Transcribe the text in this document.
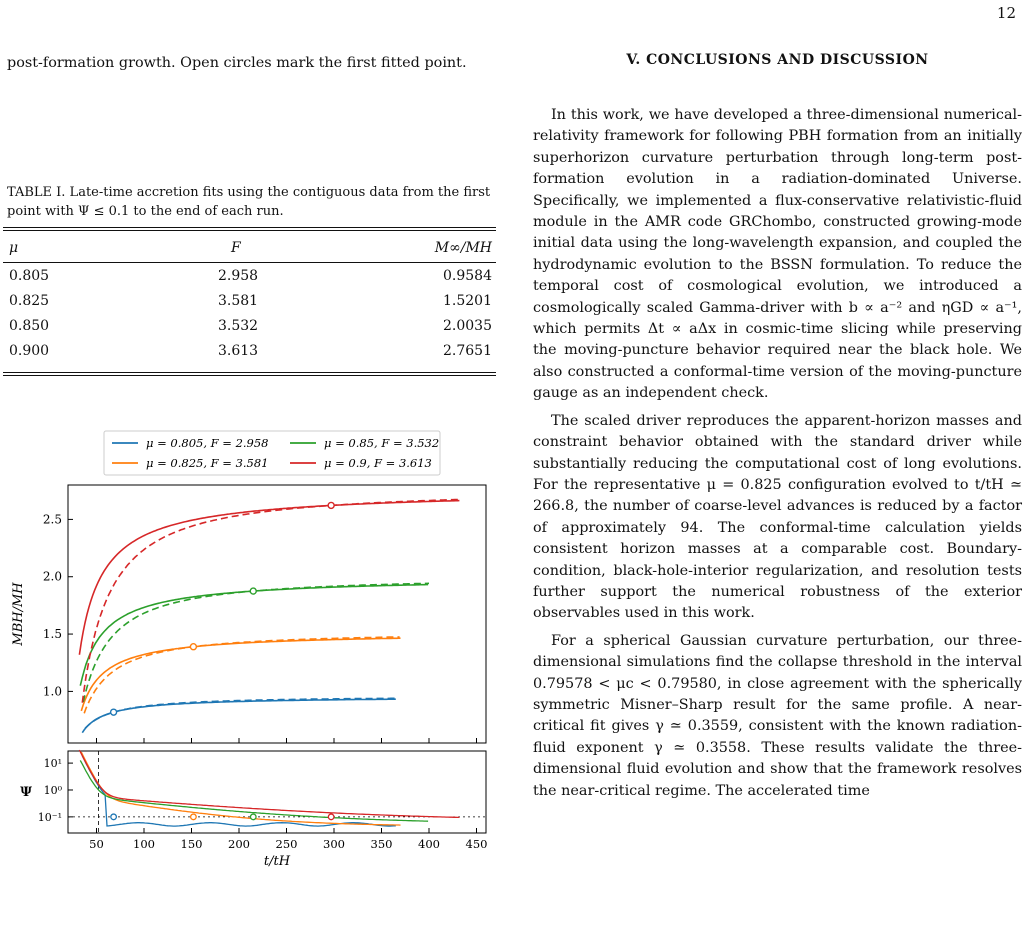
12

post-formation growth. Open circles mark the first fitted point.

TABLE I. Late-time accretion fits using the contiguous data from the first point with Ψ ≤ 0.1 to the end of each run.
μ	F	M∞/MH
0.805	2.958	0.9584
0.825	3.581	1.5201
0.850	3.532	2.0035
0.900	3.613	2.7651
μ = 0.805, F = 2.958
μ = 0.825, F = 3.581
μ = 0.85, F = 3.532
μ = 0.9, F = 3.613
1.0
1.5
2.0
2.5
MBH/MH
10⁻¹
10⁰
10¹
Ψ
50	100 150 200 250 300 350 400 450
t/tH
V. CONCLUSIONS AND DISCUSSION

In this work, we have developed a three-dimensional numerical-relativity framework for following PBH formation from an initially superhorizon curvature perturbation through long-term post-formation evolution in a radiation-dominated Universe. Specifically, we implemented a flux-conservative relativistic-fluid module in the AMR code GRChombo, constructed growing-mode initial data using the long-wavelength expansion, and coupled the hydrodynamic evolution to the BSSN formulation. To reduce the temporal cost of cosmological evolution, we introduced a cosmologically scaled Gamma-driver with b ∝ a⁻² and ηGD ∝ a⁻¹, which permits Δt ∝ aΔx in cosmic-time slicing while preserving the moving-puncture behavior required near the black hole. We also constructed a conformal-time version of the moving-puncture gauge as an independent check.

The scaled driver reproduces the apparent-horizon masses and constraint behavior obtained with the standard driver while substantially reducing the computational cost of long evolutions. For the representative μ = 0.825 configuration evolved to t/tH ≃ 266.8, the number of coarse-level advances is reduced by a factor of approximately 94. The conformal-time calculation yields consistent horizon masses at a comparable cost. Boundary-condition, black-hole-interior regularization, and resolution tests further support the numerical robustness of the exterior observables used in this work.

For a spherical Gaussian curvature perturbation, our three-dimensional simulations find the collapse threshold in the interval 0.79578 < μc < 0.79580, in close agreement with the spherically symmetric Misner–Sharp result for the same profile. A near-critical fit gives γ ≃ 0.3559, consistent with the known radiation-fluid exponent γ ≃ 0.3558. These results validate the three-dimensional fluid evolution and show that the framework resolves the near-critical regime. The accelerated time
